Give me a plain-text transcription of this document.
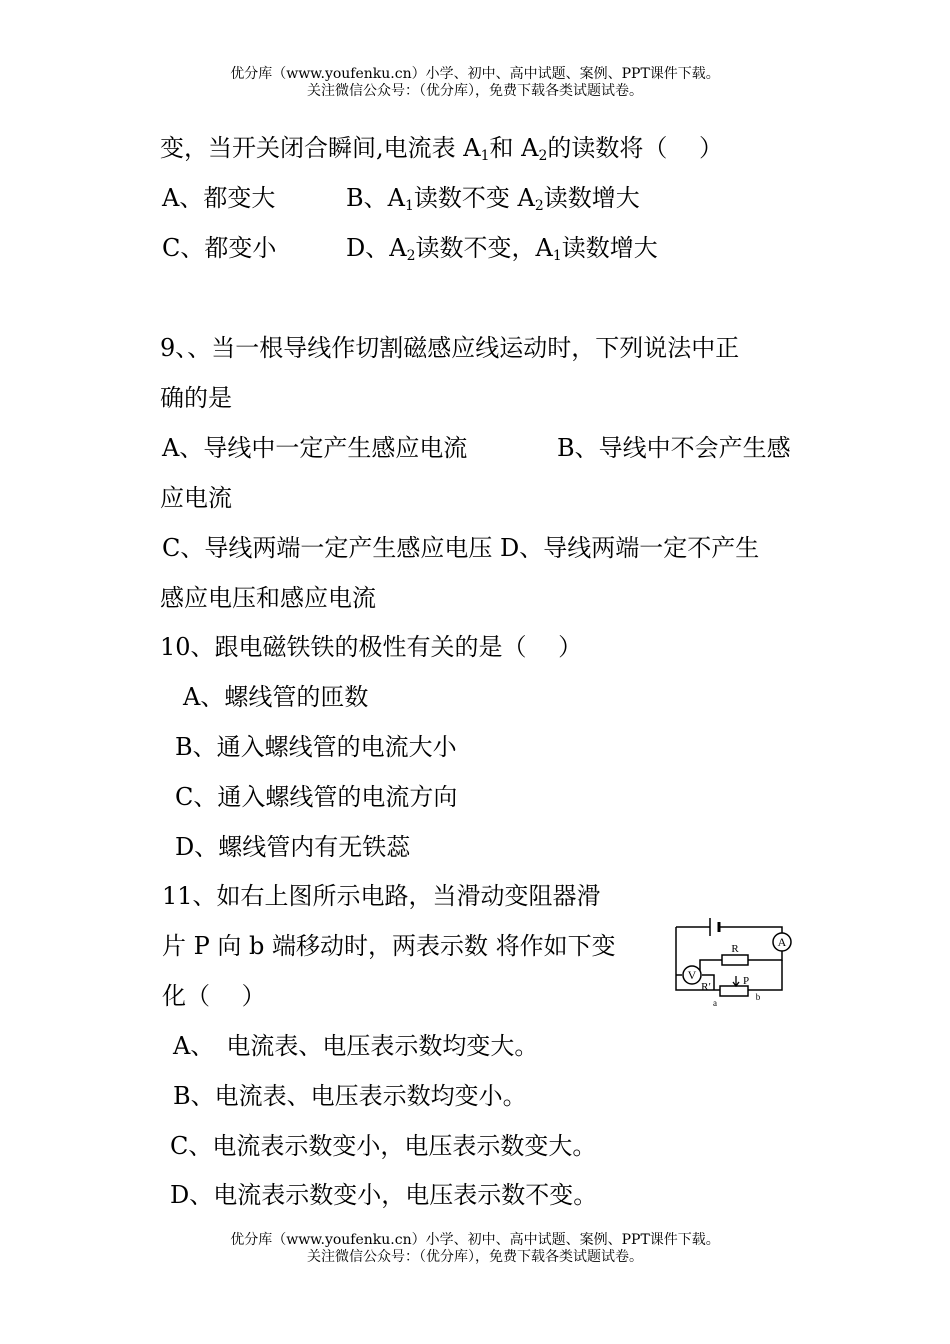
优分库（www.youfenku.cn）小学、初中、高中试题、案例、PPT课件下载。
关注微信公众号：（优分库），免费下载各类试题试卷。
变，当开关闭合瞬间,电流表 $A_1$和 $A_2$的读数将（　 ）
A、都变大	B、$A_1$读数不变 $A_2$读数增大
C、都变小	D、$A_2$读数不变，$A_1$读数增大
9、、当一根导线作切割磁感应线运动时，下列说法中正
确的是
A、导线中一定产生感应电流	B、导线中不会产生感
应电流
C、导线两端一定产生感应电压 D、导线两端一定不产生
感应电压和感应电流
10、跟电磁铁铁的极性有关的是（　 ）
A、螺线管的匝数
B、通入螺线管的电流大小
C、通入螺线管的电流方向
D、螺线管内有无铁蕊
11、如右上图所示电路，当滑动变阻器滑
片 P 向 b 端移动时，两表示数 将作如下变
化（　 ）
A、　电流表、电压表示数均变大。
B、电流表、电压表示数均变小。
C、电流表示数变小，电压表示数变大。
D、电流表示数变小，电压表示数不变。
A
R
V
R′	P
a
b
优分库（www.youfenku.cn）小学、初中、高中试题、案例、PPT课件下载。
关注微信公众号：（优分库），免费下载各类试题试卷。
